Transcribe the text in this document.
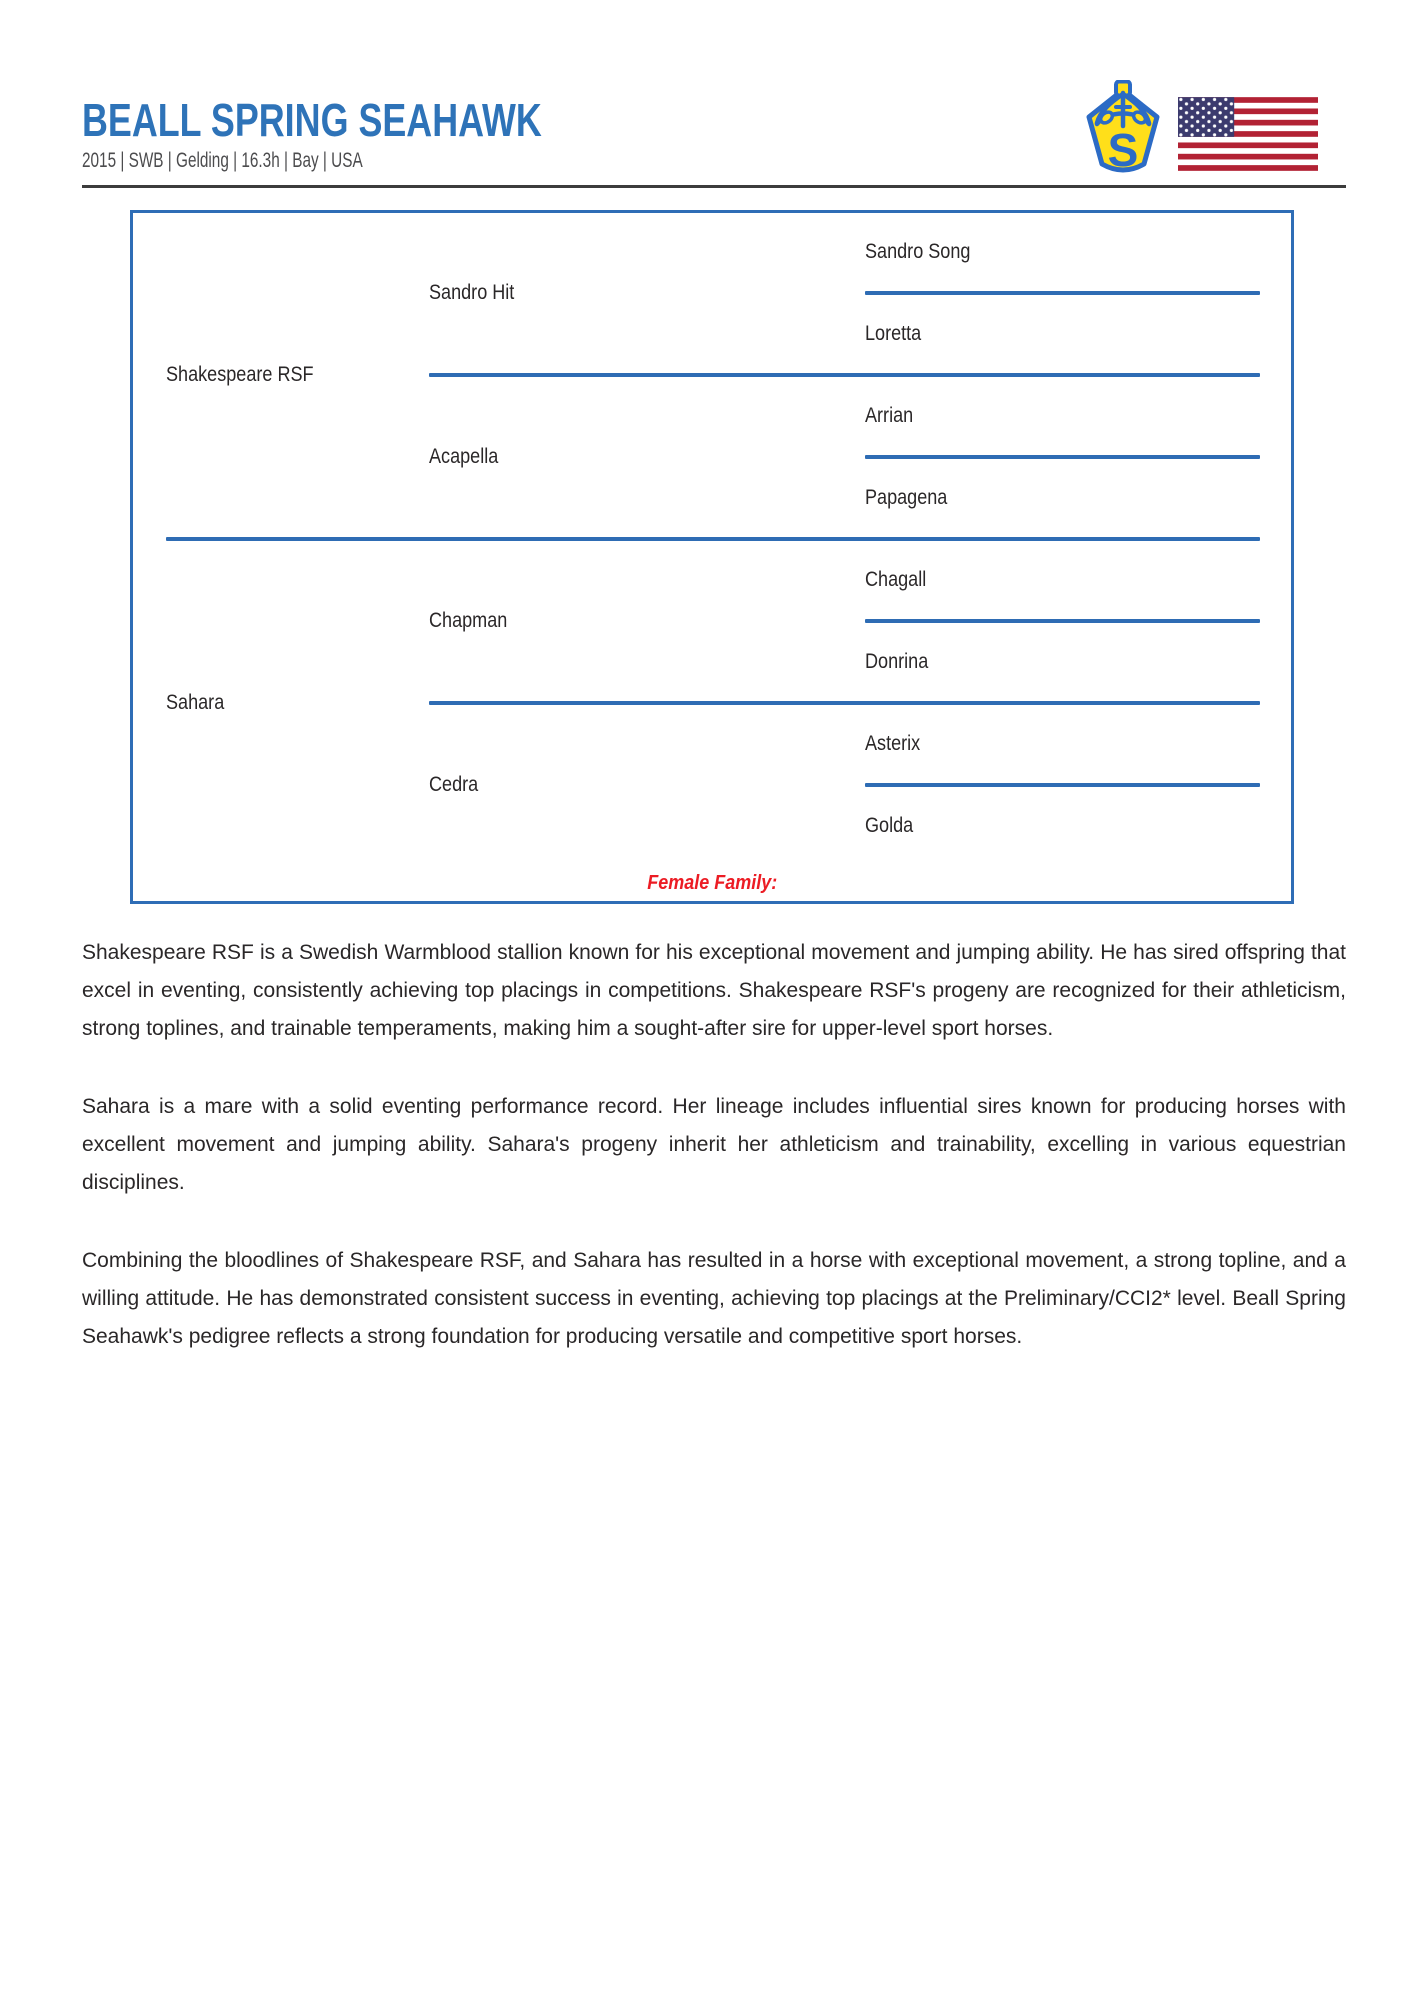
BEALL SPRING SEAHAWK
2015 | SWB | Gelding | 16.3h | Bay | USA	S
Shakespeare RSF
Sandro Hit
Sandro Song
Loretta
Acapella
Arrian
Papagena
Sahara
Chapman
Chagall
Donrina
Cedra
Asterix
Golda
Female Family:

Shakespeare RSF is a Swedish Warmblood stallion known for his exceptional movement and jumping ability. He has sired offspring that excel in eventing, consistently achieving top placings in competitions. Shakespeare RSF's progeny are recognized for their athleticism, strong toplines, and trainable temperaments, making him a sought-after sire for upper-level sport horses.

Sahara is a mare with a solid eventing performance record. Her lineage includes influential sires known for producing horses with excellent movement and jumping ability. Sahara's progeny inherit her athleticism and trainability, excelling in various equestrian disciplines.

Combining the bloodlines of Shakespeare RSF, and Sahara has resulted in a horse with exceptional movement, a strong topline, and a willing attitude. He has demonstrated consistent success in eventing, achieving top placings at the Preliminary/CCI2* level. Beall Spring Seahawk's pedigree reflects a strong foundation for producing versatile and competitive sport horses.
